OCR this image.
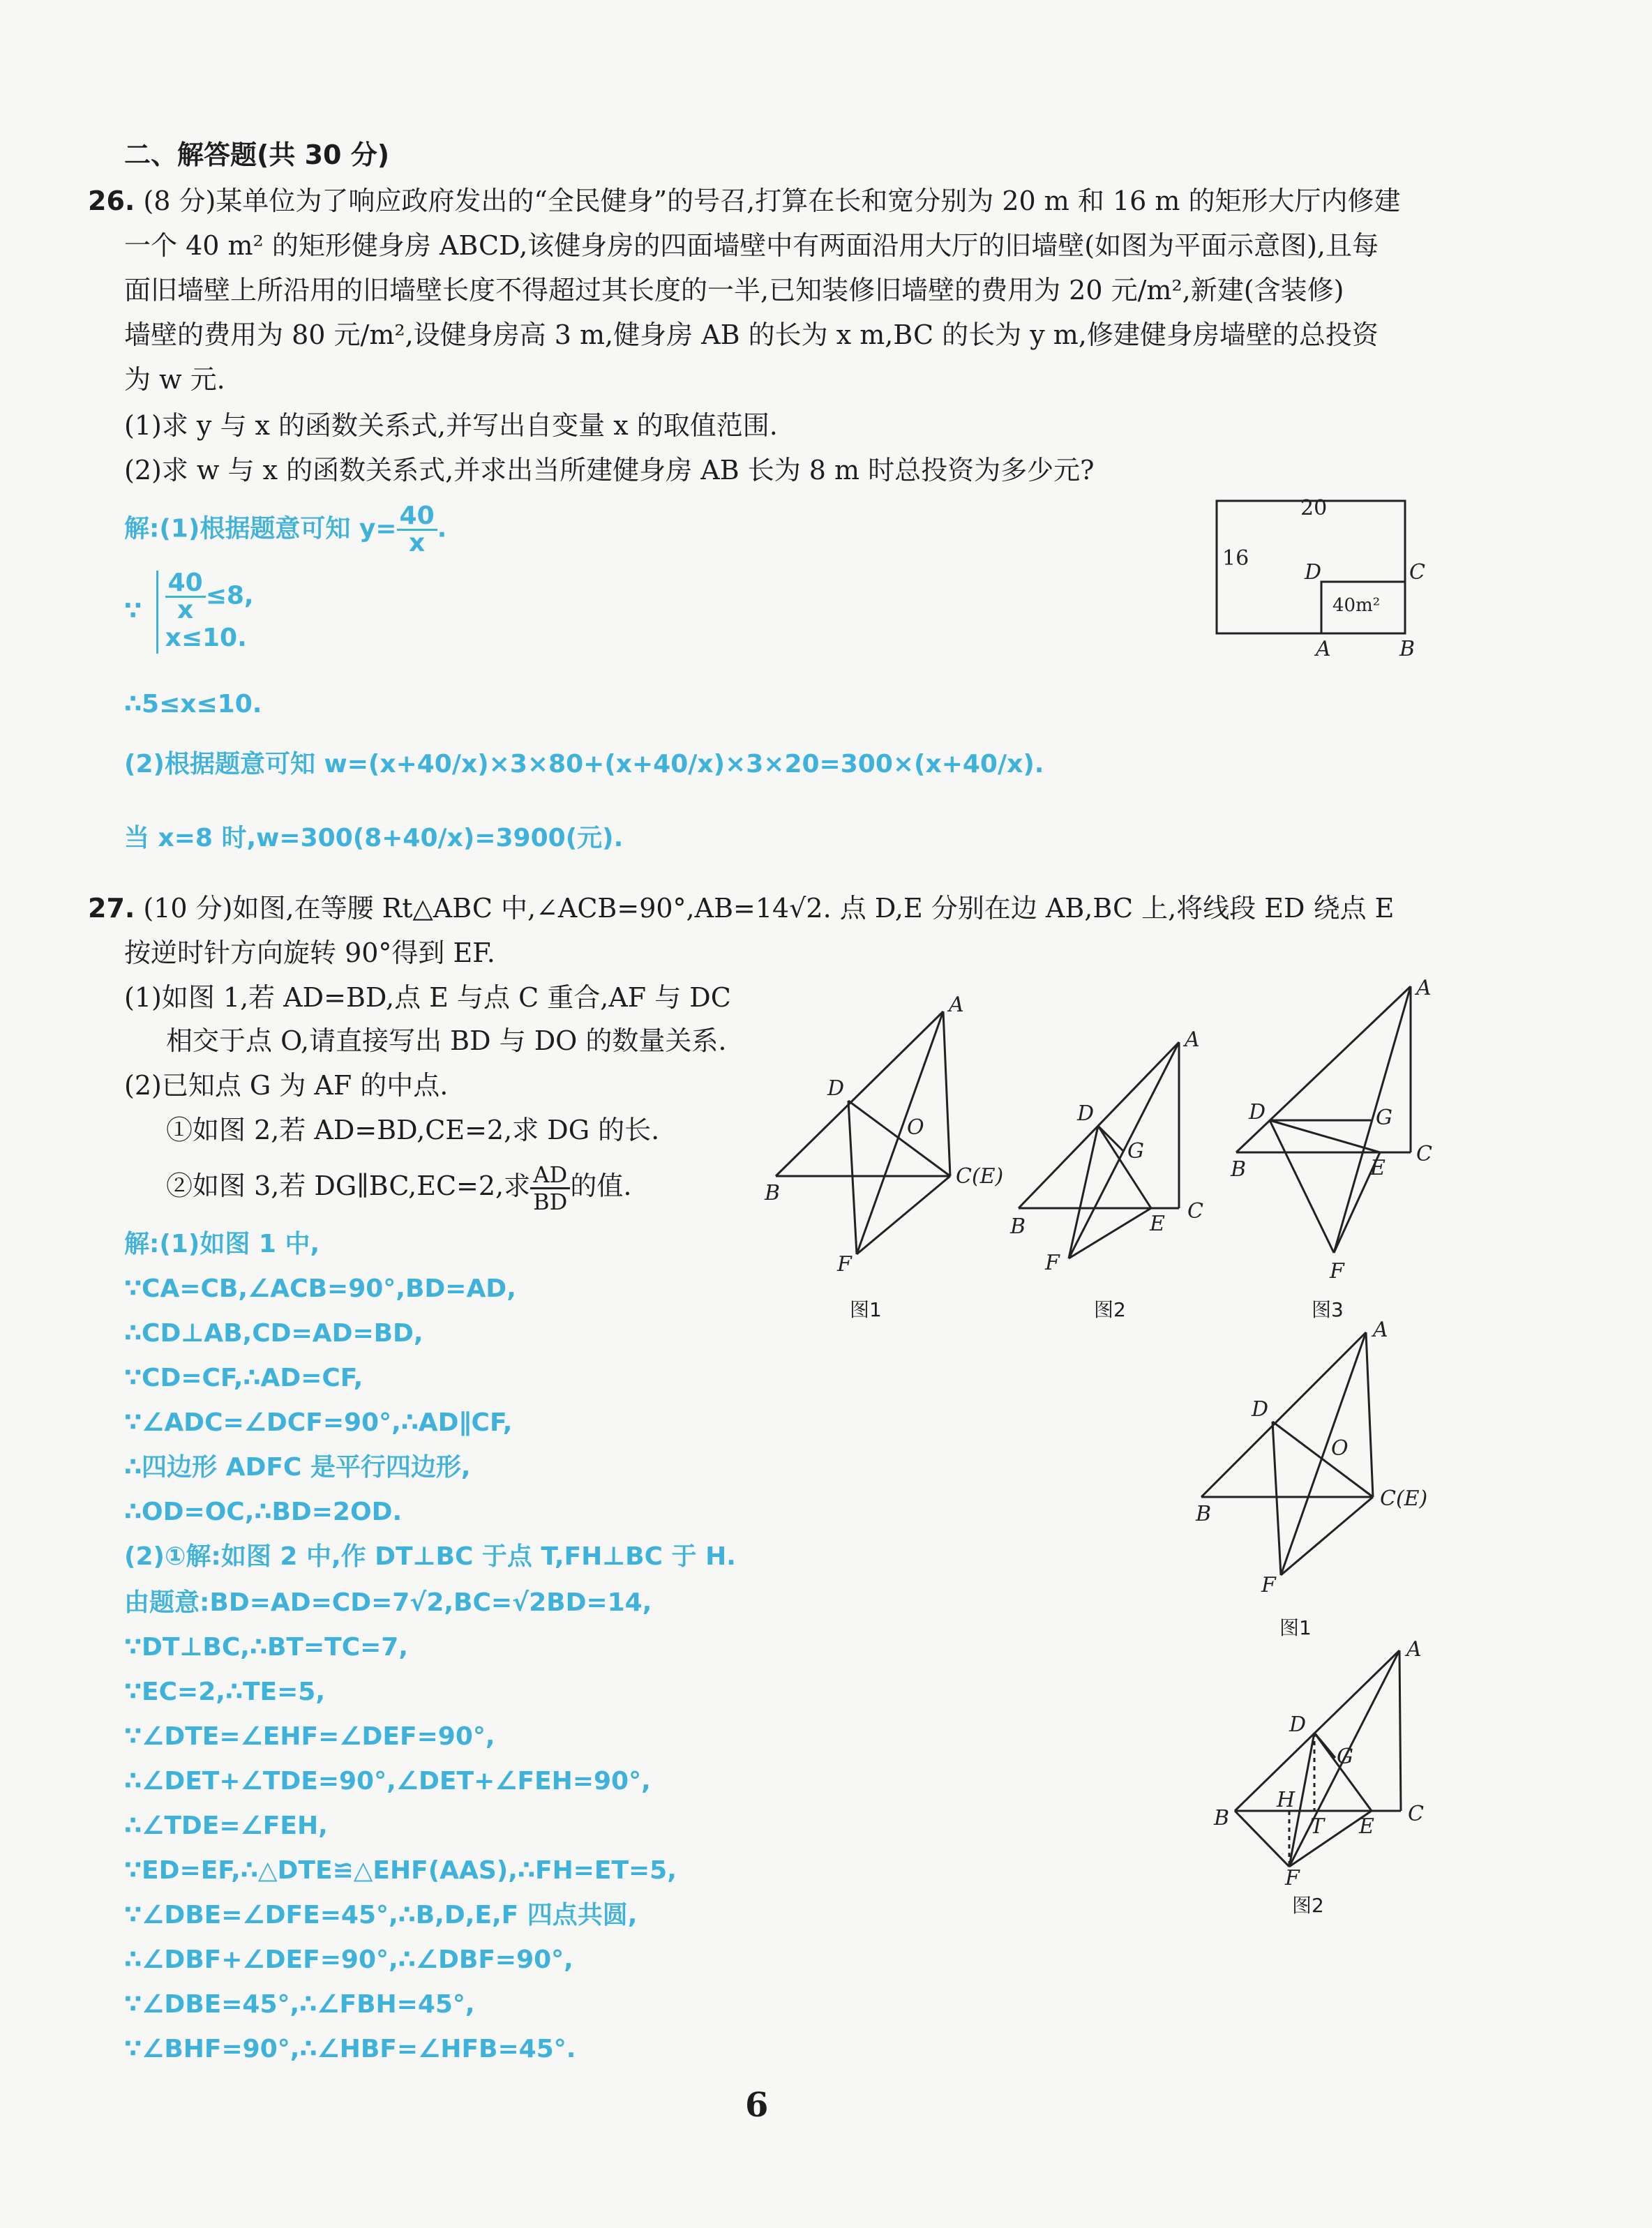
二、解答题(共 30 分)
26. (8 分)某单位为了响应政府发出的“全民健身”的号召,打算在长和宽分别为 20 m 和 16 m 的矩形大厅内修建
一个 40 m² 的矩形健身房 ABCD,该健身房的四面墙壁中有两面沿用大厅的旧墙壁(如图为平面示意图),且每
面旧墙壁上所沿用的旧墙壁长度不得超过其长度的一半,已知装修旧墙壁的费用为 20 元/m²,新建(含装修)
墙壁的费用为 80 元/m²,设健身房高 3 m,健身房 AB 的长为 x m,BC 的长为 y m,修建健身房墙壁的总投资
为 w 元.
(1)求 y 与 x 的函数关系式,并写出自变量 x 的取值范围.
(2)求 w 与 x 的函数关系式,并求出当所建健身房 AB 长为 8 m 时总投资为多少元?
解:(1)根据题意可知 $y= \frac{40}{x}$ .
∵ $\frac{40}{x} \le 8$,
x≤10.
∴5≤x≤10.
(2)根据题意可知 w=(x+40/x)×3×80+(x+40/x)×3×20=300×(x+40/x).
当 x=8 时,w=300(8+40/x)=3900(元).
20
16
40m²
D	C
A	B
27. (10 分)如图,在等腰 Rt△ABC 中,∠ACB=90°,AB=14√2. 点 D,E 分别在边 AB,BC 上,将线段 ED 绕点 E
按逆时针方向旋转 90°得到 EF.
(1)如图 1,若 AD=BD,点 E 与点 C 重合,AF 与 DC
相交于点 O,请直接写出 BD 与 DO 的数量关系.
(2)已知点 G 为 AF 的中点.
①如图 2,若 AD=BD,CE=2,求 DG 的长.
②如图 3,若 DG∥BC,EC=2,求 $\frac{AD}{BD}$ 的值.
解:(1)如图 1 中,
∵CA=CB,∠ACB=90°,BD=AD,
∴CD⊥AB,CD=AD=BD,
∵CD=CF,∴AD=CF,
∵∠ADC=∠DCF=90°,∴AD∥CF,
∴四边形 ADFC 是平行四边形,
∴OD=OC,∴BD=2OD.
(2)①解:如图 2 中,作 DT⊥BC 于点 T,FH⊥BC 于 H.
由题意:BD=AD=CD=7√2,BC=√2BD=14,
∵DT⊥BC,∴BT=TC=7,
∵EC=2,∴TE=5,
∵∠DTE=∠EHF=∠DEF=90°,
∴∠DET+∠TDE=90°,∠DET+∠FEH=90°,
∴∠TDE=∠FEH,
∵ED=EF,∴△DTE≌△EHF(AAS),∴FH=ET=5,
∵∠DBE=∠DFE=45°,∴B,D,E,F 四点共圆,
∴∠DBF+∠DEF=90°,∴∠DBF=90°,
∵∠DBE=45°,∴∠FBH=45°,
∵∠BHF=90°,∴∠HBF=∠HFB=45°.
A
D
O
B
C(E)
F
图1
A
D
G
B	E
C
F
图2
A
D	G
B	E
C
F
图3
A
D
O
B
C(E)
F
图1
A
D
G
H
T
B	E
C
F
图2
6
